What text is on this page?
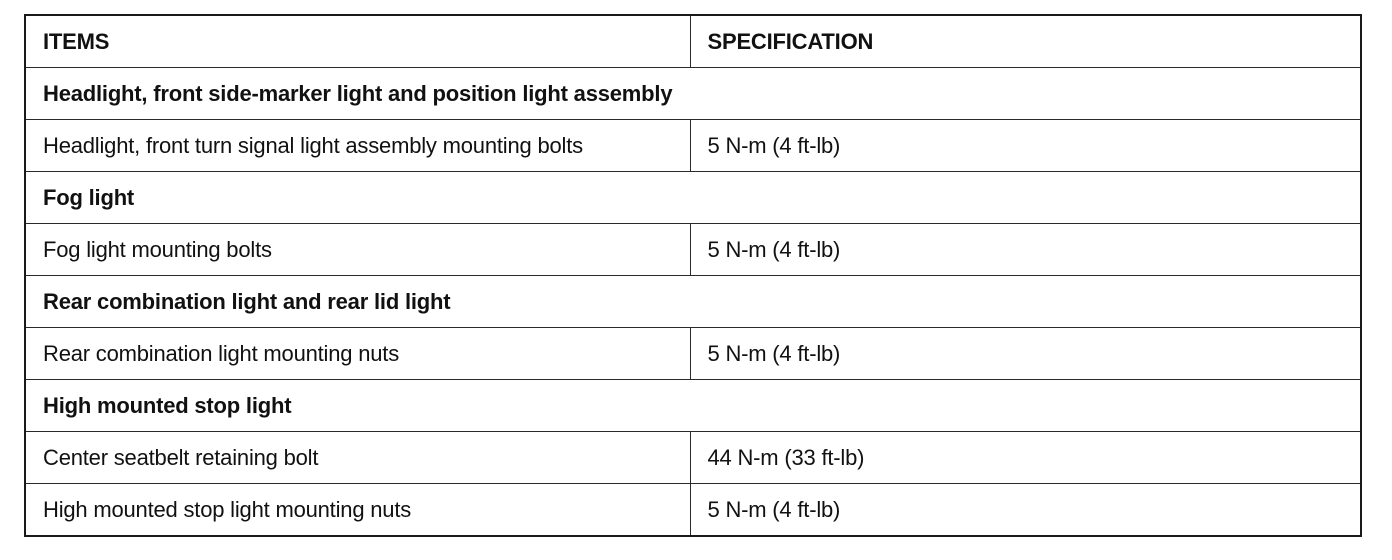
ITEMS	SPECIFICATION
Headlight, front side-marker light and position light assembly	
Headlight, front turn signal light assembly mounting bolts	5 N-m (4 ft-lb)
Fog light	
Fog light mounting bolts	5 N-m (4 ft-lb)
Rear combination light and rear lid light	
Rear combination light mounting nuts	5 N-m (4 ft-lb)
High mounted stop light	
Center seatbelt retaining bolt	44 N-m (33 ft-lb)
High mounted stop light mounting nuts	5 N-m (4 ft-lb)
